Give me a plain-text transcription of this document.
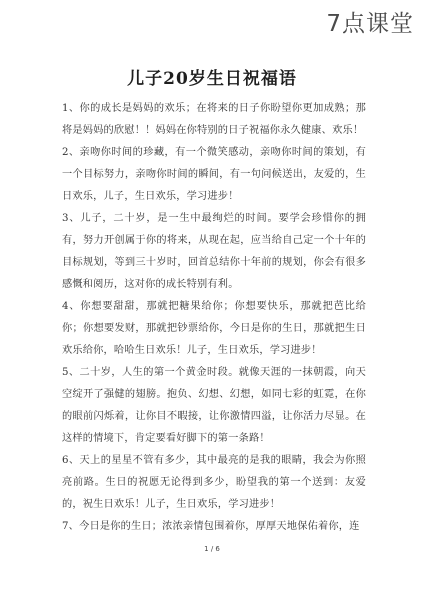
7点课堂
儿子20岁生日祝福语

1、你的成长是妈妈的欢乐；在将来的日子你盼望你更加成熟；那将是妈妈的欣慰！！妈妈在你特别的日子祝福你永久健康、欢乐！

2、亲吻你时间的珍藏，有一个微笑感动，亲吻你时间的策划，有一个目标努力，亲吻你时间的瞬间，有一句问候送出，友爱的，生日欢乐，儿子，生日欢乐，学习进步！

3、儿子，二十岁，是一生中最绚烂的时间。要学会珍惜你的拥有，努力开创属于你的将来，从现在起，应当给自己定一个十年的目标规划，等到三十岁时，回首总结你十年前的规划，你会有很多感慨和阅历，这对你的成长特别有利。

4、你想要甜甜，那就把糖果给你；你想要快乐，那就把芭比给你；你想要发财，那就把钞票给你，今日是你的生日，那就把生日欢乐给你，哈哈生日欢乐！儿子，生日欢乐，学习进步！

5、二十岁，人生的第一个黄金时段。就像天涯的一抹朝霞，向天空绽开了强健的翅膀。抱负、幻想、幻想，如同七彩的虹霓，在你的眼前闪烁着，让你目不暇接，让你激情四溢，让你活力尽显。在这样的情境下，肯定要看好脚下的第一条路！

6、天上的星星不管有多少，其中最亮的是我的眼睛，我会为你照亮前路。生日的祝愿无论得到多少，盼望我的第一个送到：友爱的，祝生日欢乐！儿子，生日欢乐，学习进步！

7、今日是你的生日；浓浓亲情包围着你，厚厚天地保佑着你，连

1 / 6
